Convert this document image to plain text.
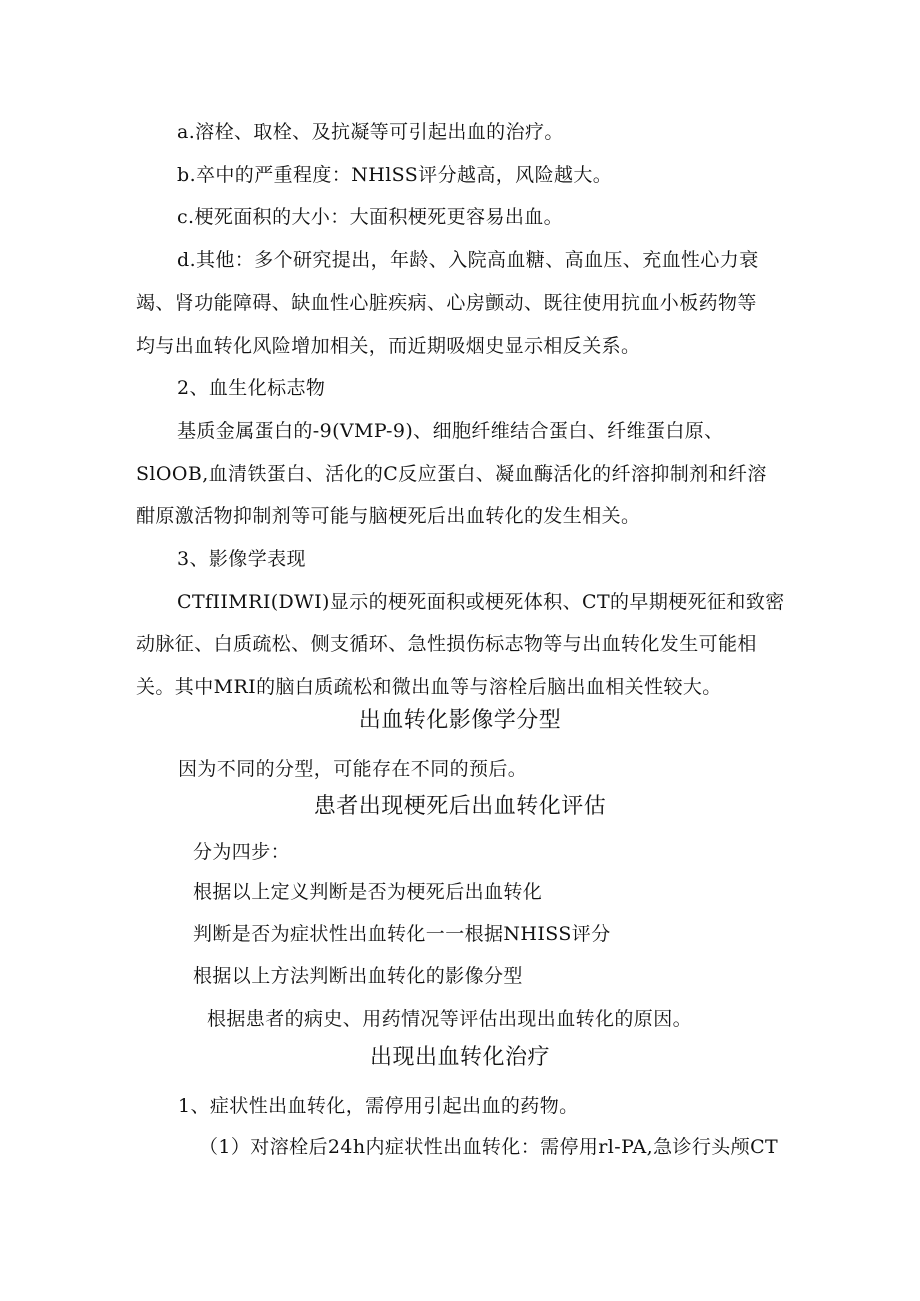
a.溶栓、取栓、及抗凝等可引起出血的治疗。
b.卒中的严重程度：NHlSS评分越高，风险越大。
c.梗死面积的大小：大面积梗死更容易出血。
d.其他：多个研究提出，年龄、入院高血糖、高血压、充血性心力衰
竭、肾功能障碍、缺血性心脏疾病、心房颤动、既往使用抗血小板药物等
均与出血转化风险增加相关，而近期吸烟史显示相反关系。
2、血生化标志物
基质金属蛋白的-9(VMP-9)、细胞纤维结合蛋白、纤维蛋白原、
SlOOB,血清铁蛋白、活化的C反应蛋白、凝血酶活化的纤溶抑制剂和纤溶
酣原激活物抑制剂等可能与脑梗死后出血转化的发生相关。
3、影像学表现
CTfIIMRI(DWI)显示的梗死面积或梗死体积、CT的早期梗死征和致密
动脉征、白质疏松、侧支循环、急性损伤标志物等与出血转化发生可能相
关。其中MRI的脑白质疏松和微出血等与溶栓后脑出血相关性较大。
出血转化影像学分型
因为不同的分型，可能存在不同的预后。
患者出现梗死后出血转化评估
分为四步：
根据以上定义判断是否为梗死后出血转化
判断是否为症状性出血转化一一根据NHISS评分
根据以上方法判断出血转化的影像分型
根据患者的病史、用药情况等评估出现出血转化的原因。
出现出血转化治疗
1、症状性出血转化，需停用引起出血的药物。
（1）对溶栓后24h内症状性出血转化：需停用rl-PA,急诊行头颅CT
